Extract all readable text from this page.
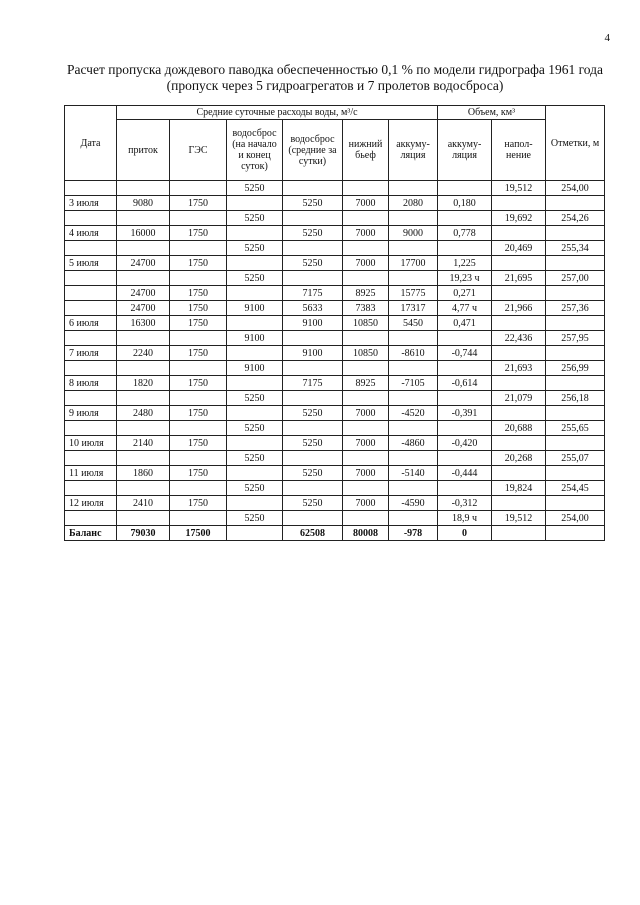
4
Расчет пропуска дождевого паводка обеспеченностью 0,1 % по модели гидрографа 1961 года
(пропуск через 5 гидроагрегатов и 7 пролетов водосброса)
Дата	Средние суточные расходы воды, м³/с						Объем, км³		Отметки, м
	приток	ГЭС	водосброс (на начало и конец суток)	водосброс (средние за сутки)	нижний бьеф	аккуму-ляция	аккуму-ляция	напол-нение	
			5250					19,512	254,00
3 июля	9080	1750		5250	7000	2080	0,180		
			5250					19,692	254,26
4 июля	16000	1750		5250	7000	9000	0,778		
			5250					20,469	255,34
5 июля	24700	1750		5250	7000	17700	1,225		
			5250				19,23 ч	21,695	257,00
	24700	1750		7175	8925	15775	0,271		
	24700	1750	9100	5633	7383	17317	4,77 ч	21,966	257,36
6 июля	16300	1750		9100	10850	5450	0,471		
			9100					22,436	257,95
7 июля	2240	1750		9100	10850	-8610	-0,744		
			9100					21,693	256,99
8 июля	1820	1750		7175	8925	-7105	-0,614		
			5250					21,079	256,18
9 июля	2480	1750		5250	7000	-4520	-0,391		
			5250					20,688	255,65
10 июля	2140	1750		5250	7000	-4860	-0,420		
			5250					20,268	255,07
11 июля	1860	1750		5250	7000	-5140	-0,444		
			5250					19,824	254,45
12 июля	2410	1750		5250	7000	-4590	-0,312		
			5250				18,9 ч	19,512	254,00
Баланс	79030	17500		62508	80008	-978	0		
